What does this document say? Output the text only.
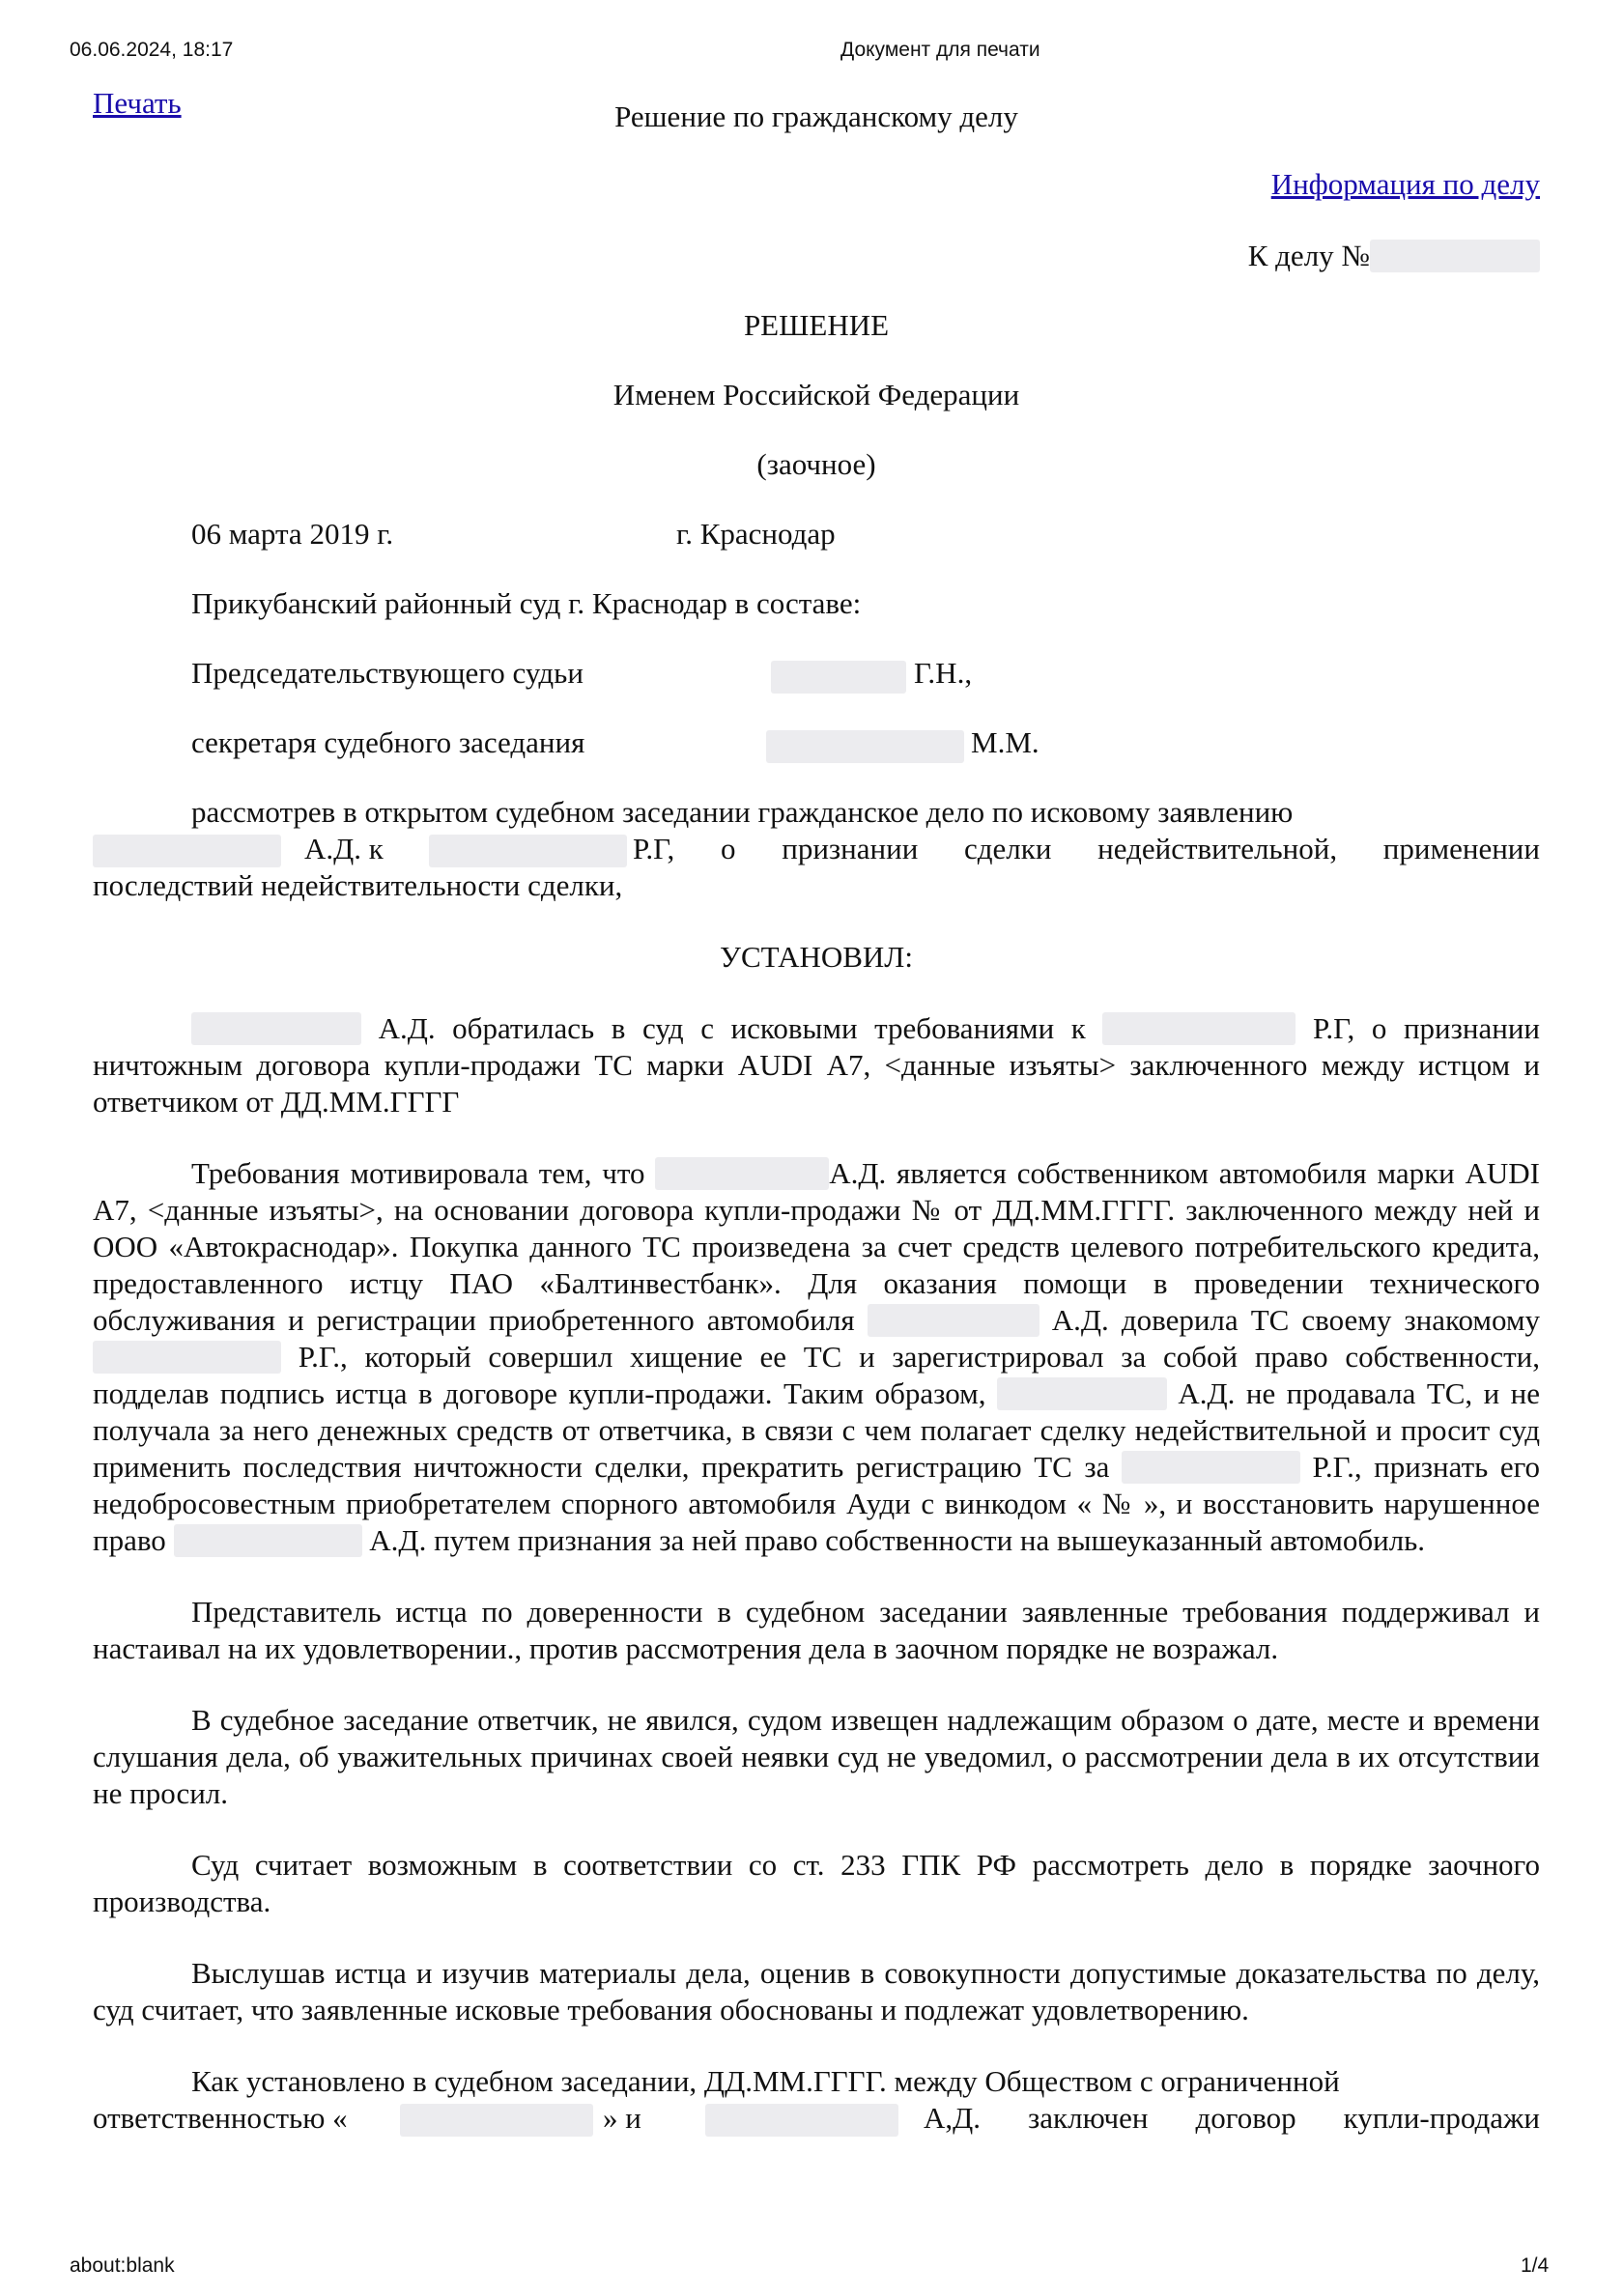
06.06.2024, 18:17	Документ для печати
Печать	Решение по гражданскому делу
Информация по делу
К делу №
РЕШЕНИЕ
Именем Российской Федерации
(заочное)
06 марта 2019 г.	г. Краснодар
Прикубанский районный суд г. Краснодар в составе:
Председательствующего судьи	Г.Н.,
секретаря судебного заседания	М.М.
рассмотрев в открытом судебном заседании гражданское дело по исковому заявлению
А.Д. к	Р.Г, о признании сделки недействительной, применении
последствий недействительности сделки,
УСТАНОВИЛ:
А.Д. обратилась в суд с исковыми требованиями к	Р.Г, о признании ничтожным договора купли-продажи ТС марки AUDI А7, <данные изъяты> заключенного между истцом и ответчиком от ДД.ММ.ГГГГ
Требования мотивировала тем, что	А.Д. является собственником автомобиля марки AUDI А7, <данные изъяты>, на основании договора купли-продажи № от ДД.ММ.ГГГГ. заключенного между ней и ООО «Автокраснодар». Покупка данного ТС произведена за счет средств целевого потребительского кредита, предоставленного истцу ПАО «Балтинвестбанк». Для оказания помощи в проведении технического обслуживания и регистрации приобретенного автомобиля	А.Д. доверила ТС своему знакомому  Р.Г., который совершил хищение ее ТС и зарегистрировал за собой право собственности, подделав подпись истца в договоре купли-продажи. Таким образом,	А.Д. не продавала ТС, и не получала за него денежных средств от ответчика, в связи с чем полагает сделку недействительной и просит суд применить последствия ничтожности сделки, прекратить регистрацию ТС за	Р.Г., признать его недобросовестным приобретателем спорного автомобиля Ауди с винкодом « № », и восстановить нарушенное право	А.Д. путем признания за ней право собственности на вышеуказанный автомобиль.
Представитель истца по доверенности в судебном заседании заявленные требования поддерживал и настаивал на их удовлетворении., против рассмотрения дела в заочном порядке не возражал.
В судебное заседание ответчик, не явился, судом извещен надлежащим образом о дате, месте и времени слушания дела, об уважительных причинах своей неявки суд не уведомил, о рассмотрении дела в их отсутствии не просил.
Суд считает возможным в соответствии со ст. 233 ГПК РФ рассмотреть дело в порядке заочного производства.
Выслушав истца и изучив материалы дела, оценив в совокупности допустимые доказательства по делу, суд считает, что заявленные исковые требования обоснованы и подлежат удовлетворению.
Как установлено в судебном заседании, ДД.ММ.ГГГГ. между Обществом с ограниченной
ответственностью «	» и	А,Д. заключен договор купли-продажи
about:blank	1/4
